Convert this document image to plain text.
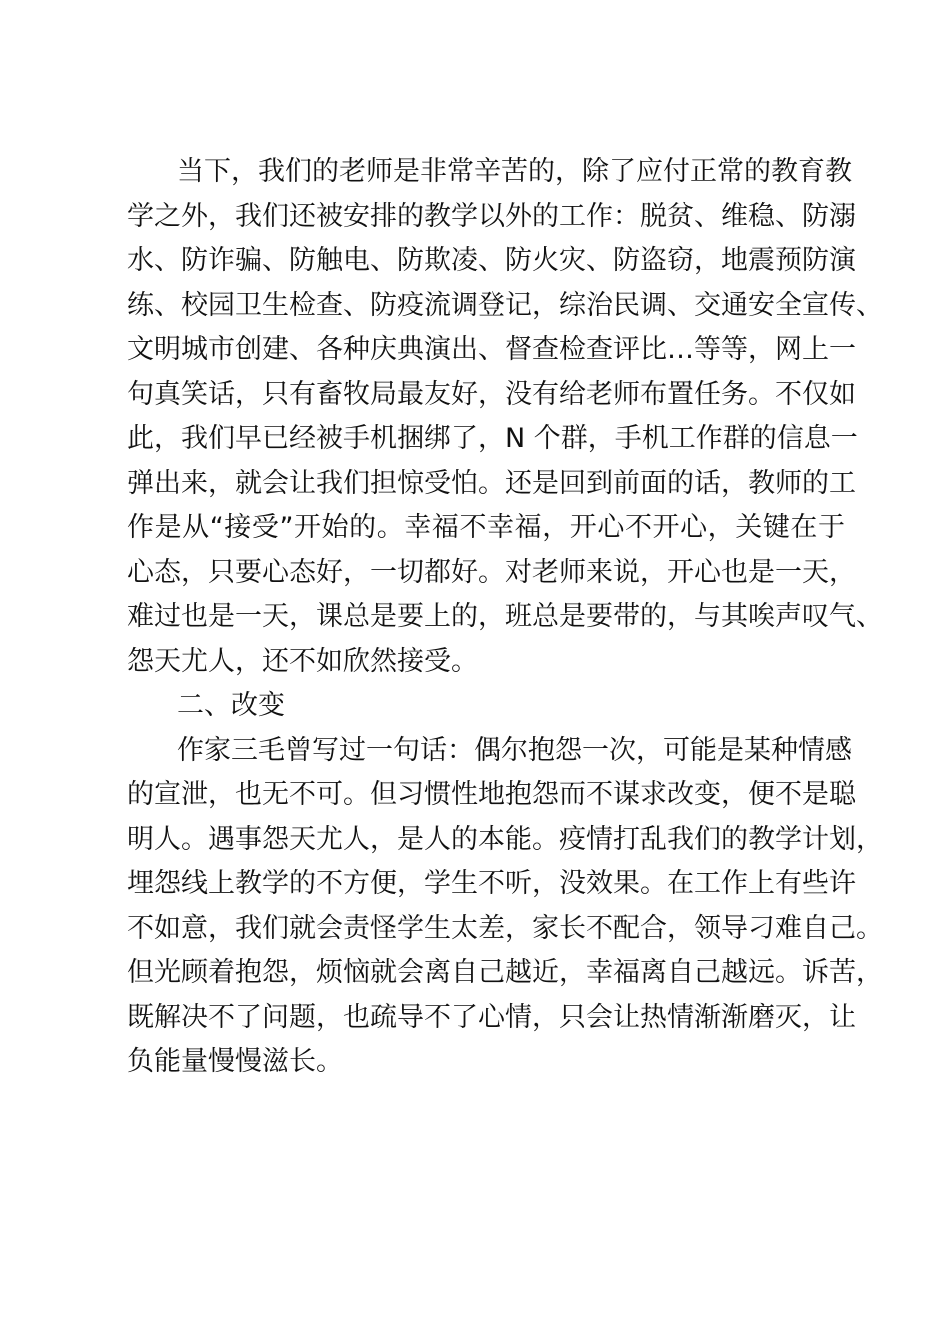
当下，我们的老师是非常辛苦的，除了应付正常的教育教
学之外，我们还被安排的教学以外的工作：脱贫、维稳、防溺
水、防诈骗、防触电、防欺凌、防火灾、防盗窃，地震预防演
练、校园卫生检查、防疫流调登记，综治民调、交通安全宣传、
文明城市创建、各种庆典演出、督查检查评比…等等，网上一
句真笑话，只有畜牧局最友好，没有给老师布置任务。不仅如
此，我们早已经被手机捆绑了，N 个群，手机工作群的信息一
弹出来，就会让我们担惊受怕。还是回到前面的话，教师的工
作是从“接受”开始的。幸福不幸福，开心不开心，关键在于
心态，只要心态好，一切都好。对老师来说，开心也是一天，
难过也是一天，课总是要上的，班总是要带的，与其唉声叹气、
怨天尤人，还不如欣然接受。
二、改变
作家三毛曾写过一句话：偶尔抱怨一次，可能是某种情感
的宣泄，也无不可。但习惯性地抱怨而不谋求改变，便不是聪
明人。遇事怨天尤人，是人的本能。疫情打乱我们的教学计划，
埋怨线上教学的不方便，学生不听，没效果。在工作上有些许
不如意，我们就会责怪学生太差，家长不配合，领导刁难自己。
但光顾着抱怨，烦恼就会离自己越近，幸福离自己越远。诉苦，
既解决不了问题，也疏导不了心情，只会让热情渐渐磨灭，让
负能量慢慢滋长。
